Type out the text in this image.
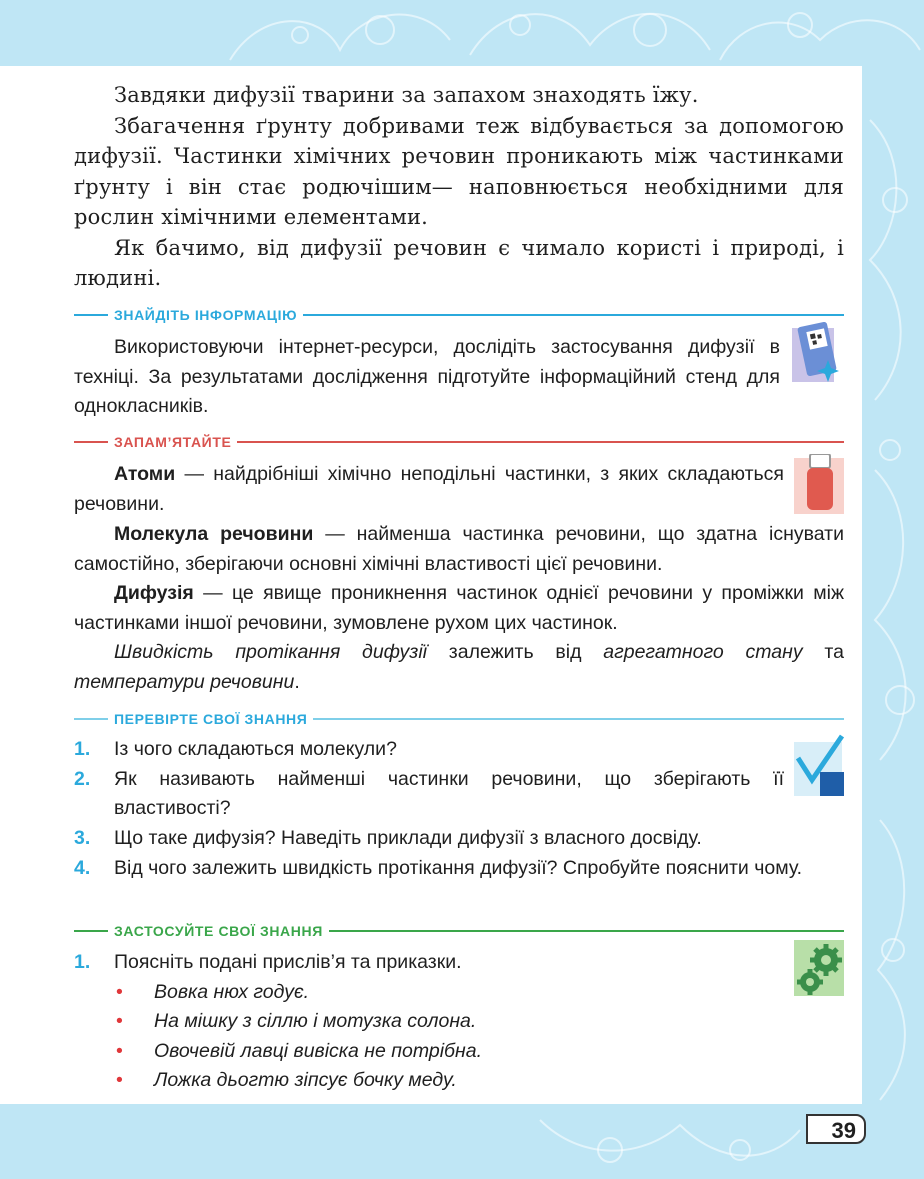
Завдяки дифузії тварини за запахом знаходять їжу.

Збагачення ґрунту добривами теж відбувається за допомогою дифузії. Частинки хімічних речовин проникають між частинками ґрунту і він стає родючішим— наповнюється необхідними для рослин хімічними елементами.

Як бачимо, від дифузії речовин є чимало користі і природі, і людині.

ЗНАЙДІТЬ ІНФОРМАЦІЮ

Використовуючи інтернет-ресурси, дослідіть застосування дифузії в техніці. За результатами дослідження підготуйте інформаційний стенд для однокласників.

ЗАПАМ’ЯТАЙТЕ

Атоми — найдрібніші хімічно неподільні частинки, з яких складаються речовини.

Молекула речовини — найменша частинка речовини, що здатна існувати самостійно, зберігаючи основні хімічні властивості цієї речовини.

Дифузія — це явище проникнення частинок однієї речовини у проміжки між частинками іншої речовини, зумовлене рухом цих частинок.

Швидкість протікання дифузії залежить від агрегатного стану та температури речовини.

ПЕРЕВІРТЕ СВОЇ ЗНАННЯ
1.	Із чого складаються молекули?
2.	Як називають найменші частинки речовини, що зберігають її властивості?
3.	Що таке дифузія? Наведіть приклади дифузії з власного досвіду.
4.	Від чого залежить швидкість протікання дифузії? Спробуйте пояснити чому.
ЗАСТОСУЙТЕ СВОЇ ЗНАННЯ
1.	Поясніть подані прислів’я та приказки.
•	Вовка нюх годує.
•	На мішку з сіллю і мотузка солона.
•	Овочевій лавці вивіска не потрібна.
•	Ложка дьогтю зіпсує бочку меду.
39
